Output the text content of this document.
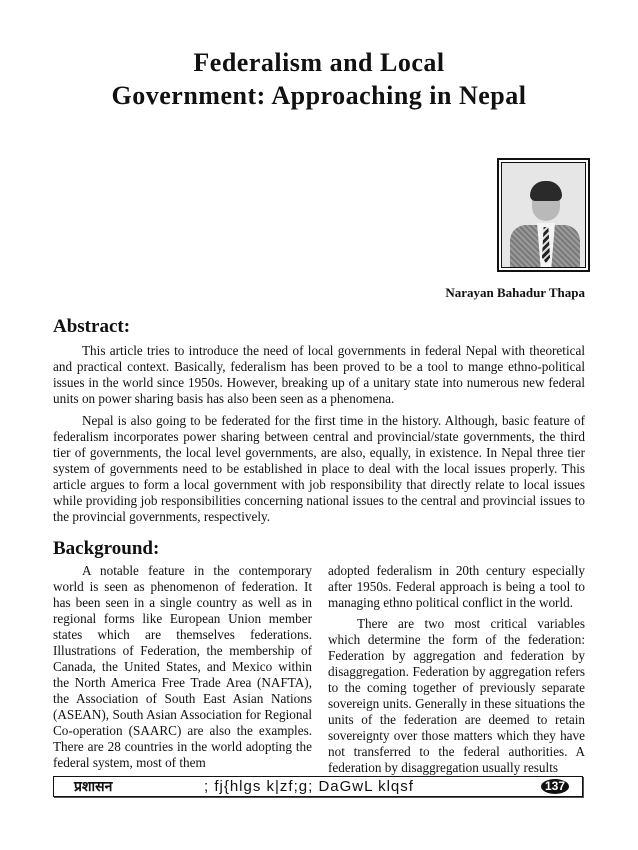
Federalism and Local
Government: Approaching in Nepal
Narayan Bahadur Thapa
Abstract:

This article tries to introduce the need of local governments in federal Nepal with theoretical and practical context. Basically, federalism has been proved to be a tool to mange ethno-political issues in the world since 1950s. However, breaking up of a unitary state into numerous new federal units on power sharing basis has also been seen as a phenomena.

Nepal is also going to be federated for the first time in the history. Although, basic feature of federalism incorporates power sharing between central and provincial/state governments, the third tier of governments, the local level governments, are also, equally, in existence. In Nepal three tier system of governments need to be established in place to deal with the local issues properly. This article argues to form a local government with job responsibility that directly relate to local issues while providing job responsibilities concerning national issues to the central and provincial issues to the provincial governments, respectively.

Background:

A notable feature in the contemporary world is seen as phenomenon of federation. It has been seen in a single country as well as in regional forms like European Union member states which are themselves federations. Illustrations of Federation, the membership of Canada, the United States, and Mexico within the North America Free Trade Area (NAFTA), the Association of South East Asian Nations (ASEAN), South Asian Association for Regional Co-operation (SAARC) are also the examples. There are 28 countries in the world adopting the federal system, most of them

adopted federalism in 20th century especially after 1950s. Federal approach is being a tool to managing ethno political conflict in the world.

There are two most critical variables which determine the form of the federation: Federation by aggregation and federation by disaggregation. Federation by aggregation refers to the coming together of previously separate sovereign units. Generally in these situations the units of the federation are deemed to retain sovereignty over those matters which they have not transferred to the federal authorities. A federation by disaggregation usually results

प्रशासन	; fj{hlgs k|zf;g; DaGwL klqsf	137
